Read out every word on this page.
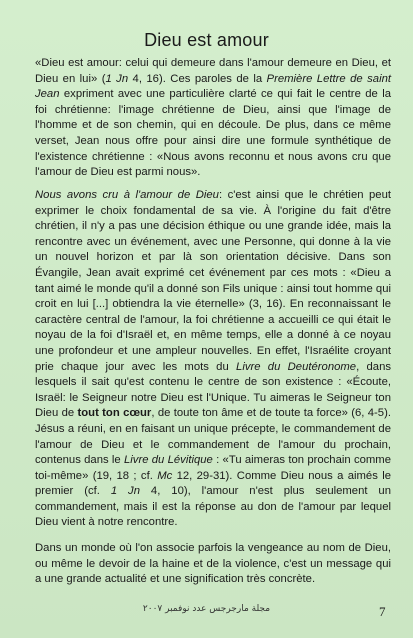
Dieu est amour
«Dieu est amour: celui qui demeure dans l'amour demeure en Dieu, et Dieu en lui» (1 Jn 4, 16). Ces paroles de la Première Lettre de saint Jean expriment avec une particulière clarté ce qui fait le centre de la foi chrétienne: l'image chrétienne de Dieu, ainsi que l'image de l'homme et de son chemin, qui en découle. De plus, dans ce même verset, Jean nous offre pour ainsi dire une formule synthétique de l'existence chrétienne : «Nous avons reconnu et nous avons cru que l'amour de Dieu est parmi nous».
Nous avons cru à l'amour de Dieu: c'est ainsi que le chrétien peut exprimer le choix fondamental de sa vie. À l'origine du fait d'être chrétien, il n'y a pas une décision éthique ou une grande idée, mais la rencontre avec un événement, avec une Personne, qui donne à la vie un nouvel horizon et par là son orientation décisive. Dans son Évangile, Jean avait exprimé cet événement par ces mots : «Dieu a tant aimé le monde qu'il a donné son Fils unique : ainsi tout homme qui croit en lui [...] obtiendra la vie éternelle» (3, 16). En reconnaissant le caractère central de l'amour, la foi chrétienne a accueilli ce qui était le noyau de la foi d'Israël et, en même temps, elle a donné à ce noyau une profondeur et une ampleur nouvelles. En effet, l'Israélite croyant prie chaque jour avec les mots du Livre du Deutéronome, dans lesquels il sait qu'est contenu le centre de son existence : «Écoute, Israël: le Seigneur notre Dieu est l'Unique. Tu aimeras le Seigneur ton Dieu de tout ton cœur, de toute ton âme et de toute ta force» (6, 4-5). Jésus a réuni, en en faisant un unique précepte, le commandement de l'amour de Dieu et le commandement de l'amour du prochain, contenus dans le Livre du Lévitique : «Tu aimeras ton prochain comme toi-même» (19, 18 ; cf. Mc 12, 29-31). Comme Dieu nous a aimés le premier (cf. 1 Jn 4, 10), l'amour n'est plus seulement un commandement, mais il est la réponse au don de l'amour par lequel Dieu vient à notre rencontre.
Dans un monde où l'on associe parfois la vengeance au nom de Dieu, ou même le devoir de la haine et de la violence, c'est un message qui a une grande actualité et une signification très concrète.
مجلة مارجرجس عدد نوفمبر ٢٠٠٧	7
